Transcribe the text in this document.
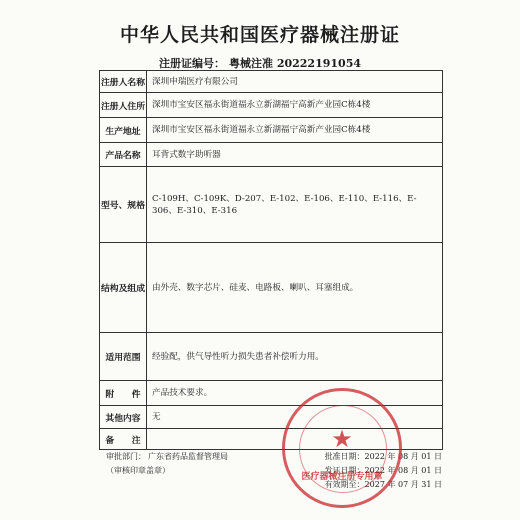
中华人民共和国医疗器械注册证
注册证编号： 粤械注准 20222191054
注册人名称	深圳申瑞医疗有限公司
注册人住所	深圳市宝安区福永街道福永立新湖福宁高新产业园C栋4楼
生产地址	深圳市宝安区福永街道福永立新湖福宁高新产业园C栋4楼
产品名称	耳背式数字助听器
型号、规格	C-109H、C-109K、D-207、E-102、E-106、E-110、E-116、E-306、E-310、E-316
结构及组成	由外壳、数字芯片、硅麦、电路板、喇叭、耳塞组成。
适用范围	经验配，供气导性听力损失患者补偿听力用。
附　　件	产品技术要求。
其他内容	无
备　　注	
审批部门： 广东省药品监督管理局	批准日期：2022 年 08 月 01 日
（审核印章盖章）	发证日期：2022 年 08 月 01 日
有效期至：2027 年 07 月 31 日
★
医疗器械注册专用章
